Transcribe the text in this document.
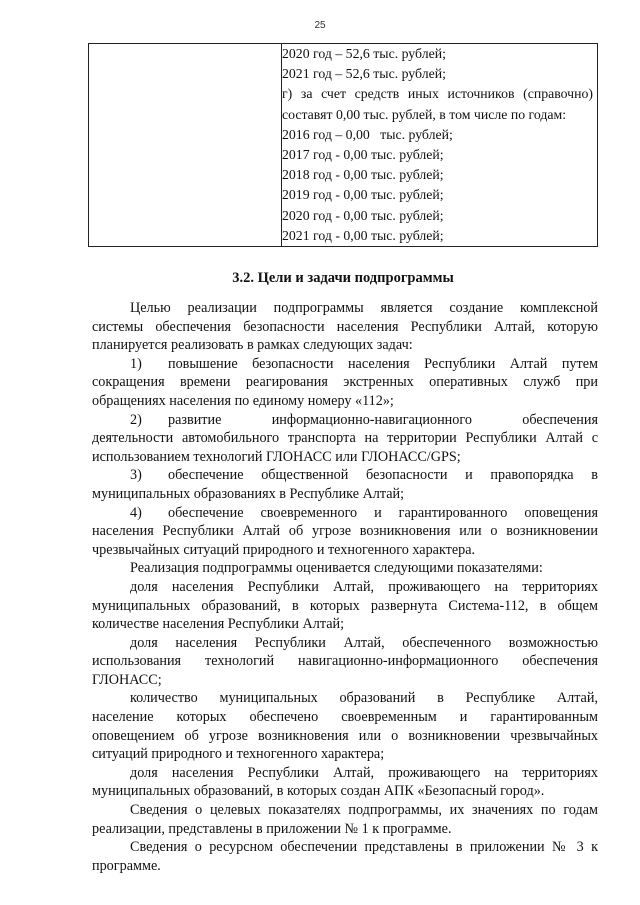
25

2020 год – 52,6 тыс. рублей;
2021 год – 52,6 тыс. рублей;
г) за счет средств иных источников (справочно)
составят 0,00 тыс. рублей, в том числе по годам:
2016 год – 0,00   тыс. рублей;
2017 год - 0,00 тыс. рублей;
2018 год - 0,00 тыс. рублей;
2019 год - 0,00 тыс. рублей;
2020 год - 0,00 тыс. рублей;
2021 год - 0,00 тыс. рублей;
3.2. Цели и задачи подпрограммы
Целью реализации подпрограммы является создание комплексной
системы обеспечения безопасности населения Республики Алтай, которую
планируется реализовать в рамках следующих задач:
1)	повышение безопасности населения Республики Алтай путем
сокращения времени реагирования экстренных оперативных служб при
обращениях населения по единому номеру «112»;
2)	развитие информационно-навигационного обеспечения
деятельности автомобильного транспорта на территории Республики Алтай с
использованием технологий ГЛОНАСС или ГЛОНАСС/GPS;
3)	обеспечение общественной безопасности и правопорядка в
муниципальных образованиях в Республике Алтай;
4)	обеспечение своевременного и гарантированного оповещения
населения Республики Алтай об угрозе возникновения или о возникновении
чрезвычайных ситуаций природного и техногенного характера.
Реализация подпрограммы оценивается следующими показателями:
доля населения Республики Алтай, проживающего на территориях
муниципальных образований, в которых развернута Система-112, в общем
количестве населения Республики Алтай;
доля населения Республики Алтай, обеспеченного возможностью
использования технологий навигационно-информационного обеспечения
ГЛОНАСС;
количество муниципальных образований в Республике Алтай,
население которых обеспечено своевременным и гарантированным
оповещением об угрозе возникновения или о возникновении чрезвычайных
ситуаций природного и техногенного характера;
доля населения Республики Алтай, проживающего на территориях
муниципальных образований, в которых создан АПК «Безопасный город».
Сведения о целевых показателях подпрограммы, их значениях по годам
реализации, представлены в приложении № 1 к программе.
Сведения о ресурсном обеспечении представлены в приложении № 3 к
программе.
